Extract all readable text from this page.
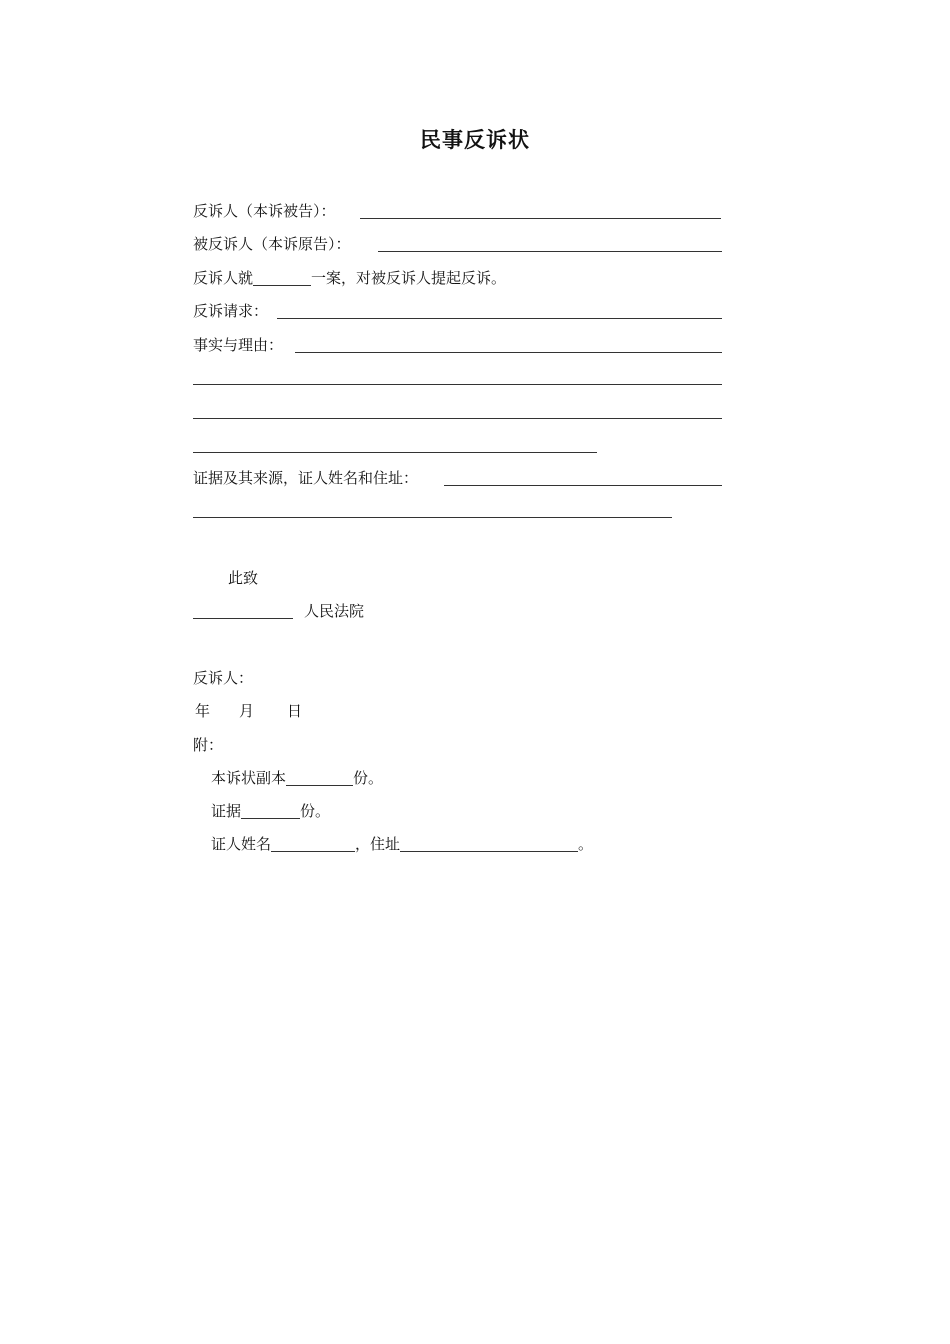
民事反诉状
反诉人（本诉被告）：
被反诉人（本诉原告）：
反诉人就	一案，对被反诉人提起反诉。
反诉请求：
事实与理由：
证据及其来源，证人姓名和住址：
此致
人民法院
反诉人：
年 月 日
附：
本诉状副本	份。
证据	份。
证人姓名	，住址	。
